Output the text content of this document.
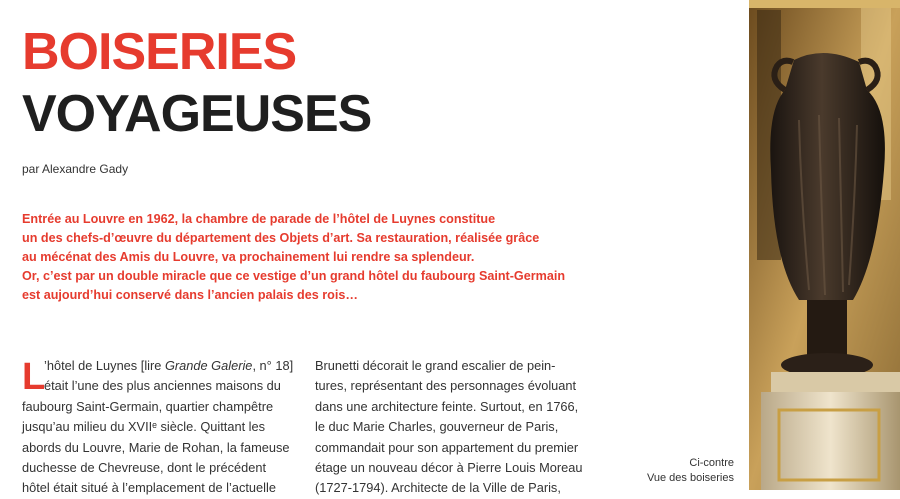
BOISERIES
VOYAGEUSES
par Alexandre Gady
Entrée au Louvre en 1962, la chambre de parade de l’hôtel de Luynes constitue
un des chefs-d’œuvre du département des Objets d’art. Sa restauration, réalisée grâce
au mécénat des Amis du Louvre, va prochainement lui rendre sa splendeur.
Or, c’est par un double miracle que ce vestige d’un grand hôtel du faubourg Saint-Germain
est aujourd’hui conservé dans l’ancien palais des rois…
L
’hôtel de Luynes [lire Grande Galerie, n° 18]
était l’une des plus anciennes maisons du
faubourg Saint-Germain, quartier champêtre
jusqu’au milieu du XVIIᵉ siècle. Quittant les
abords du Louvre, Marie de Rohan, la fameuse
duchesse de Chevreuse, dont le précédent
hôtel était situé à l’emplacement de l’actuelle
Brunetti décorait le grand escalier de pein-
tures, représentant des personnages évoluant
dans une architecture feinte. Surtout, en 1766,
le duc Marie Charles, gouverneur de Paris,
commandait pour son appartement du premier
étage un nouveau décor à Pierre Louis Moreau
(1727-1794). Architecte de la Ville de Paris,
Ci-contre
Vue des boiseries
